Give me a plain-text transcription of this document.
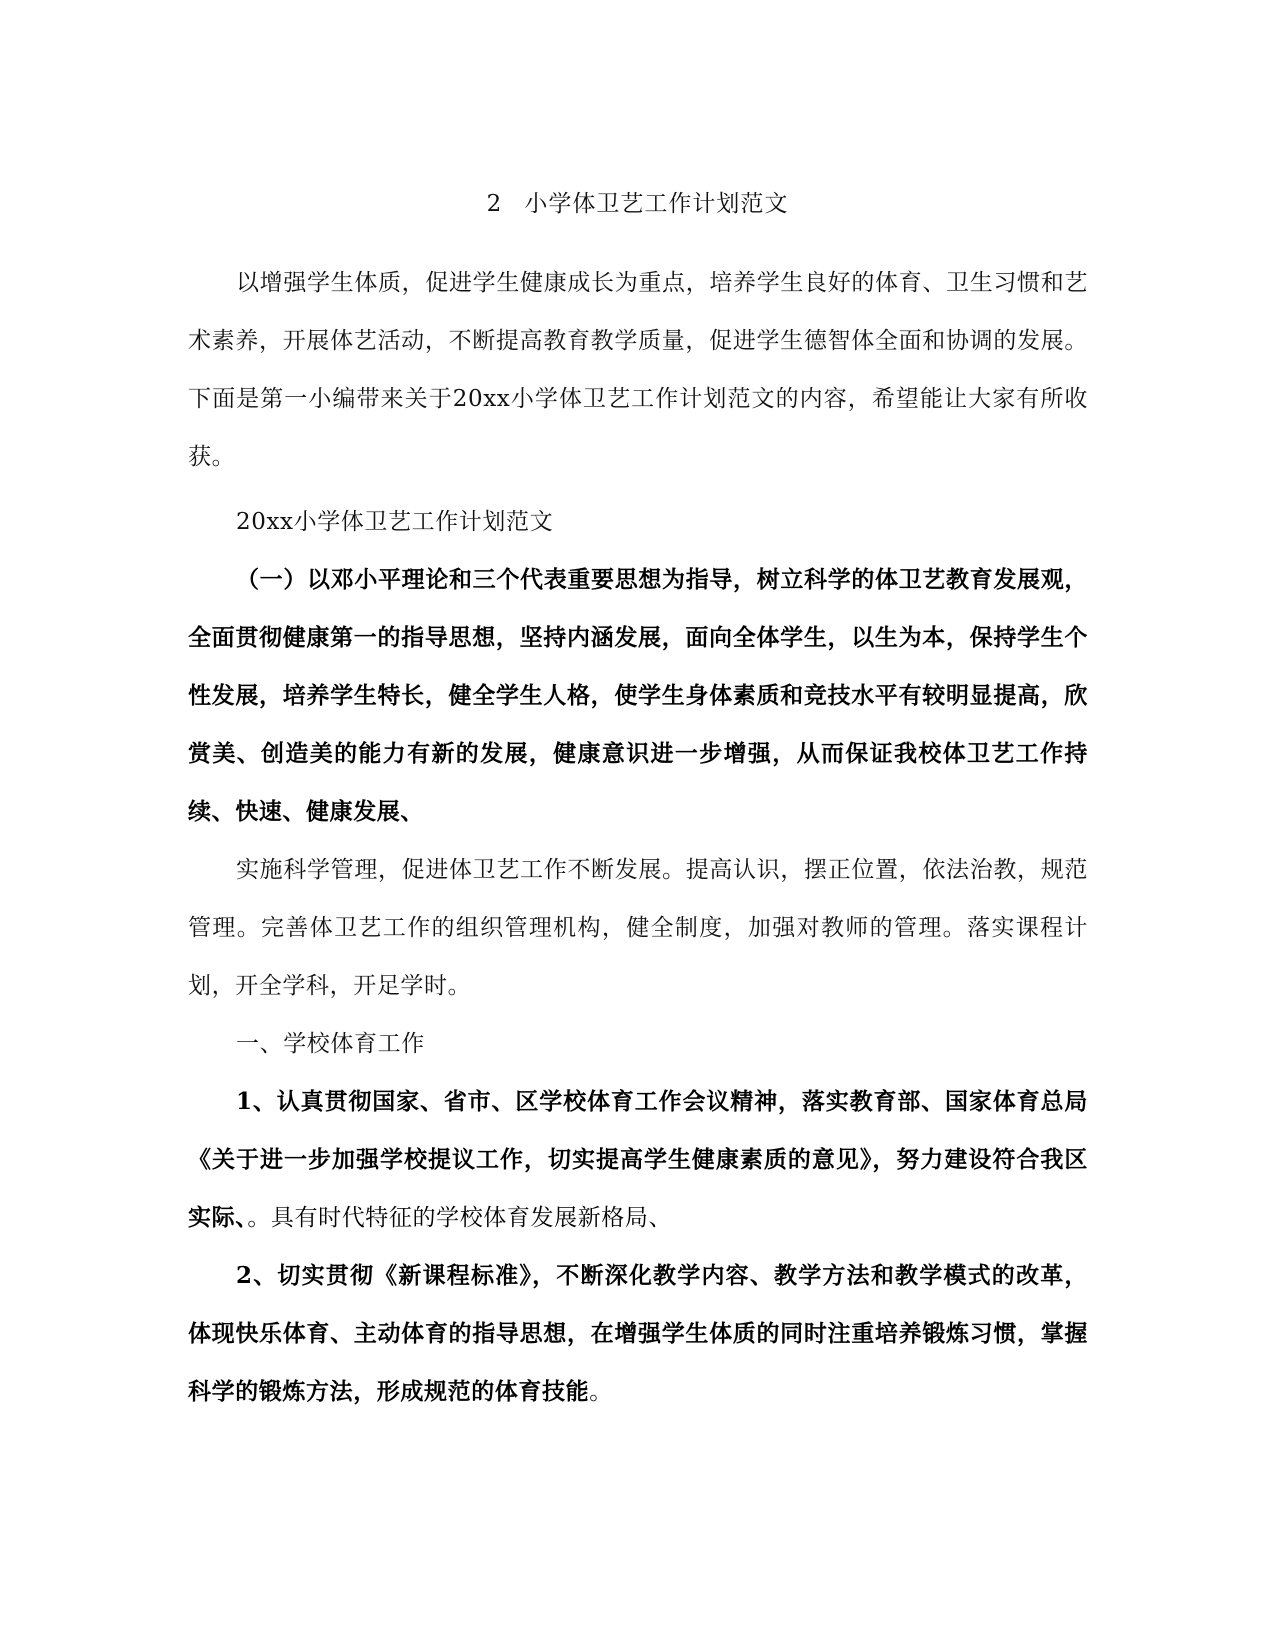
2 小学体卫艺工作计划范文

以增强学生体质，促进学生健康成长为重点，培养学生良好的体育、卫生习惯和艺术素养，开展体艺活动，不断提高教育教学质量，促进学生德智体全面和协调的发展。下面是第一小编带来关于20xx小学体卫艺工作计划范文的内容，希望能让大家有所收获。

20xx小学体卫艺工作计划范文

（一）以邓小平理论和三个代表重要思想为指导，树立科学的体卫艺教育发展观，全面贯彻健康第一的指导思想，坚持内涵发展，面向全体学生，以生为本，保持学生个性发展，培养学生特长，健全学生人格，使学生身体素质和竞技水平有较明显提高，欣赏美、创造美的能力有新的发展，健康意识进一步增强，从而保证我校体卫艺工作持续、快速、健康发展、

实施科学管理，促进体卫艺工作不断发展。提高认识，摆正位置，依法治教，规范管理。完善体卫艺工作的组织管理机构，健全制度，加强对教师的管理。落实课程计划，开全学科，开足学时。

一、学校体育工作

1、认真贯彻国家、省市、区学校体育工作会议精神，落实教育部、国家体育总局《关于进一步加强学校提议工作，切实提高学生健康素质的意见》，努力建设符合我区实际、。具有时代特征的学校体育发展新格局、

2、切实贯彻《新课程标准》，不断深化教学内容、教学方法和教学模式的改革，体现快乐体育、主动体育的指导思想，在增强学生体质的同时注重培养锻炼习惯，掌握科学的锻炼方法，形成规范的体育技能。
